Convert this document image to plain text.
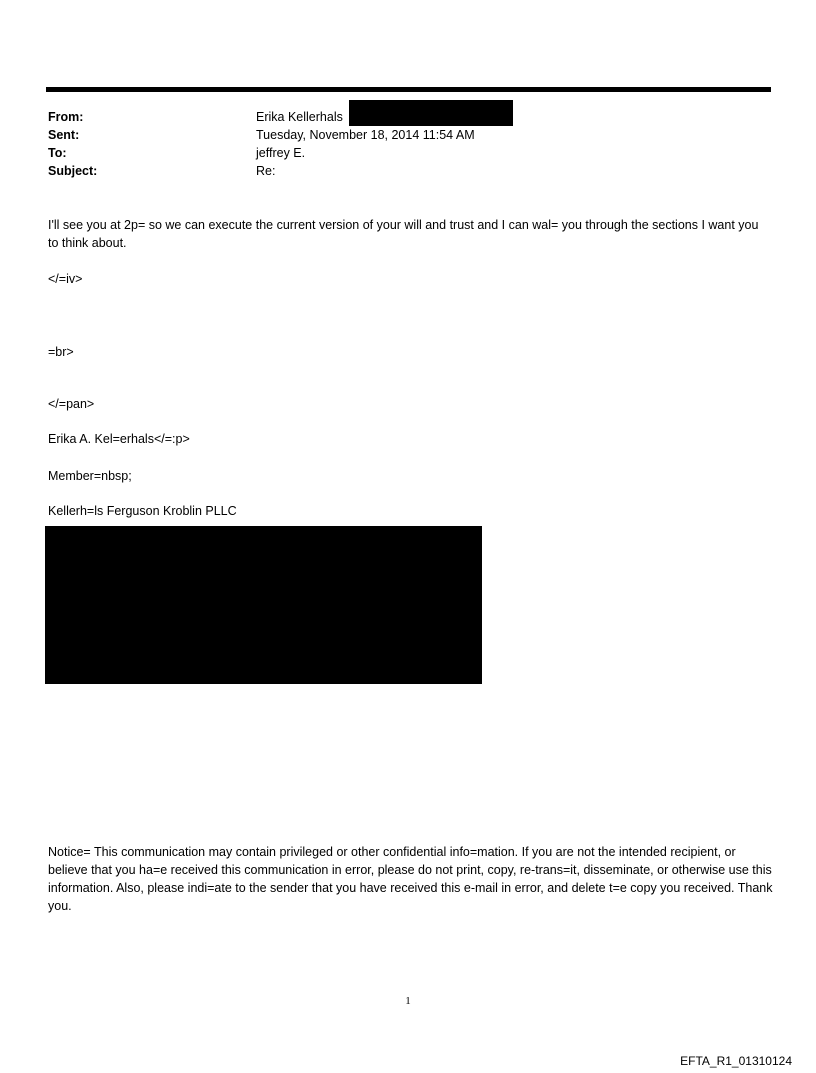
From:	Erika Kellerhals
Sent:	Tuesday, November 18, 2014 11:54 AM
To:	jeffrey E.
Subject:	Re:
I'll see you at 2p= so we can execute the current version of your will and trust and I can wal= you through the sections I want you to think about.
</=iv>
=br>
</=pan>
Erika A. Kel=erhals</=:p>
Member=nbsp;
Kellerh=ls Ferguson Kroblin PLLC
Notice= This communication may contain privileged or other confidential info=mation. If you are not the intended recipient, or believe that you ha=e received this communication in error, please do not print, copy, re-trans=it, disseminate, or otherwise use this information. Also, please indi=ate to the sender that you have received this e-mail in error, and delete t=e copy you received. Thank you.
1
EFTA_R1_01310124
